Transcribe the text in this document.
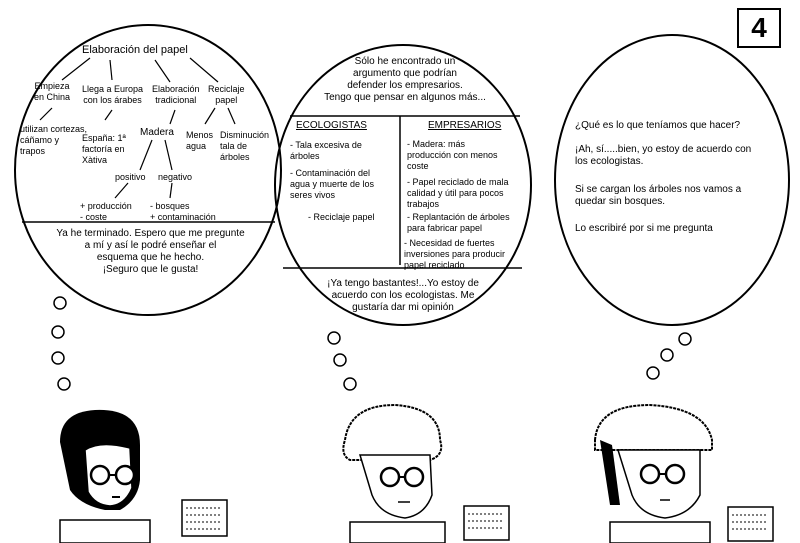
4
Elaboración del papel
Empieza
en China
Llega a Europa
con los árabes
Elaboración
tradicional
Reciclaje
papel
utilizan cortezas,
cáñamo y
trapos
España: 1ª
factoría en
Xàtiva
Madera Menos
agua
Disminución
tala de
árboles
positivo negativo
+ producción
- coste
- bosques
+ contaminación
Ya he terminado. Espero que me pregunte
a mí y así le podré enseñar el
esquema que he hecho.
¡Seguro que le gusta!
Sólo he encontrado un
argumento que podrían
defender los empresarios.
Tengo que pensar en algunos más...
ECOLOGISTAS	EMPRESARIOS
- Tala excesiva de
árboles
- Contaminación del
agua y muerte de los
seres vivos
- Reciclaje papel
- Madera: más
producción con menos
coste
- Papel reciclado de mala
calidad y útil para pocos
trabajos
- Replantación de árboles
para fabricar papel
- Necesidad de fuertes
inversiones para producir
papel reciclado
¡Ya tengo bastantes!...Yo estoy de
acuerdo con los ecologistas. Me
gustaría dar mi opinión
¿Qué es lo que teníamos que hacer?
¡Ah, sí.....bien, yo estoy de acuerdo con
los ecologistas.
Si se cargan los árboles nos vamos a
quedar sin bosques.
Lo escribiré por si me pregunta
